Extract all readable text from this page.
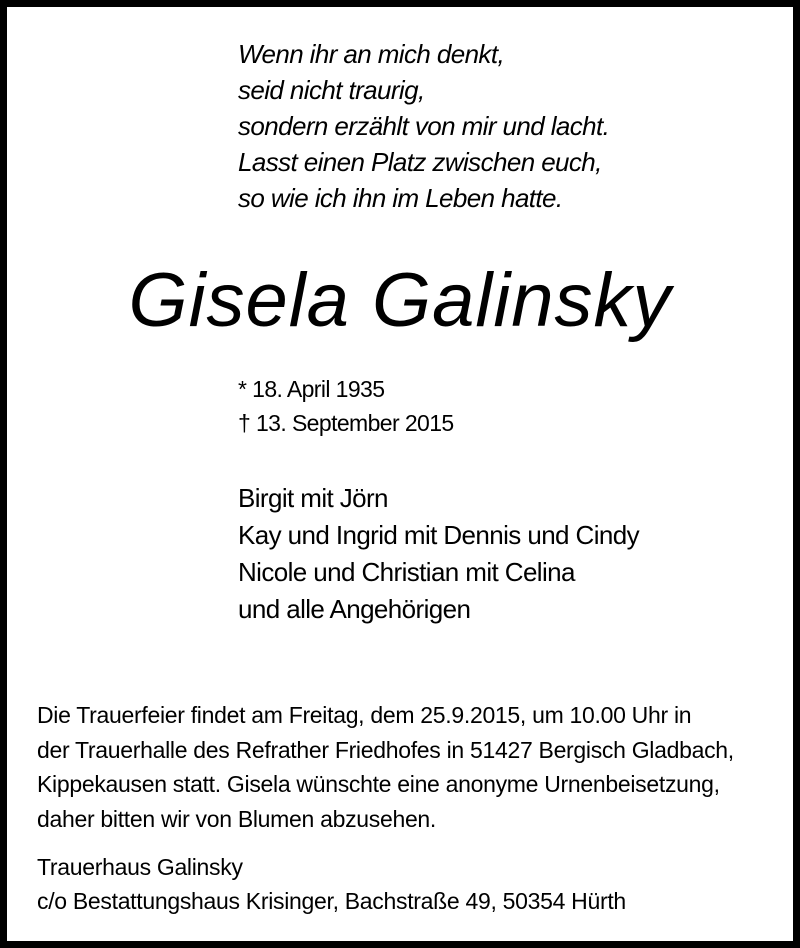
Wenn ihr an mich denkt,
seid nicht traurig,
sondern erzählt von mir und lacht.
Lasst einen Platz zwischen euch,
so wie ich ihn im Leben hatte.
Gisela Galinsky
* 18. April 1935
† 13. September 2015
Birgit mit Jörn
Kay und Ingrid mit Dennis und Cindy
Nicole und Christian mit Celina
und alle Angehörigen
Die Trauerfeier findet am Freitag, dem 25.9.2015, um 10.00 Uhr in
der Trauerhalle des Refrather Friedhofes in 51427 Bergisch Gladbach,
Kippekausen statt. Gisela wünschte eine anonyme Urnenbeisetzung,
daher bitten wir von Blumen abzusehen.
Trauerhaus Galinsky
c/o Bestattungshaus Krisinger, Bachstraße 49, 50354 Hürth
